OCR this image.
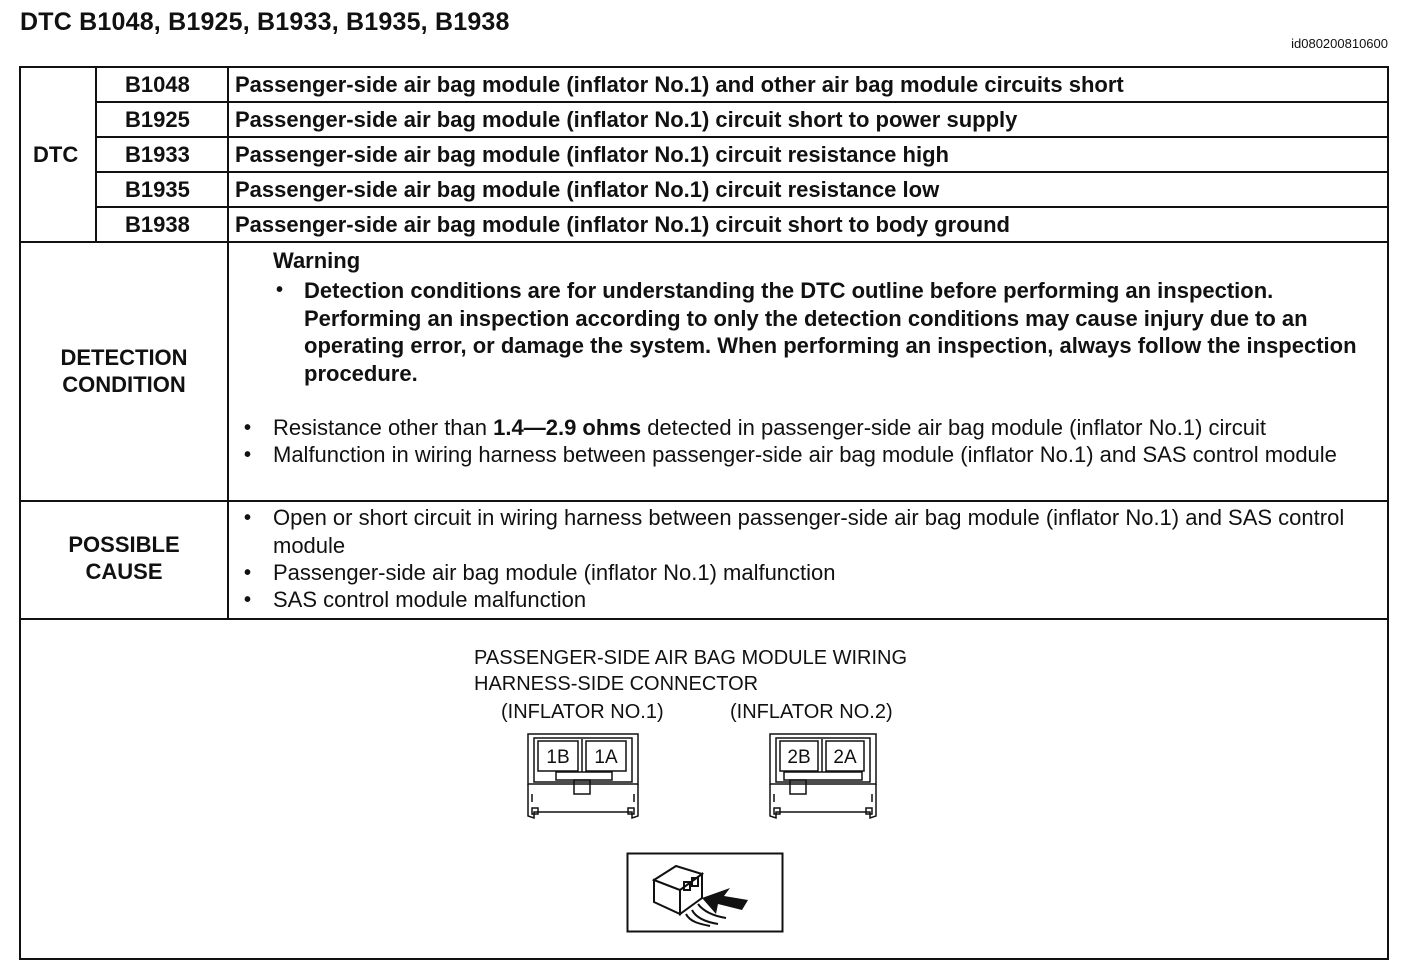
DTC B1048, B1925, B1933, B1935, B1938
id080200810600
DTC
B1048
B1925
B1933
B1935
B1938
Passenger-side air bag module (inflator No.1) and other air bag module circuits short
Passenger-side air bag module (inflator No.1) circuit short to power supply
Passenger-side air bag module (inflator No.1) circuit resistance high
Passenger-side air bag module (inflator No.1) circuit resistance low
Passenger-side air bag module (inflator No.1) circuit short to body ground
DETECTION
CONDITION
Warning
• Detection conditions are for understanding the DTC outline before performing an inspection. Performing an inspection according to only the detection conditions may cause injury due to an operating error, or damage the system. When performing an inspection, always follow the inspection procedure.
• Resistance other than 1.4—2.9 ohms detected in passenger-side air bag module (inflator No.1) circuit
• Malfunction in wiring harness between passenger-side air bag module (inflator No.1) and SAS control module
POSSIBLE
CAUSE
• Open or short circuit in wiring harness between passenger-side air bag module (inflator No.1) and SAS control module
• Passenger-side air bag module (inflator No.1) malfunction
• SAS control module malfunction
PASSENGER-SIDE AIR BAG MODULE WIRING
HARNESS-SIDE CONNECTOR
(INFLATOR NO.1)	(INFLATOR NO.2)
1B 1A	2B 2A
